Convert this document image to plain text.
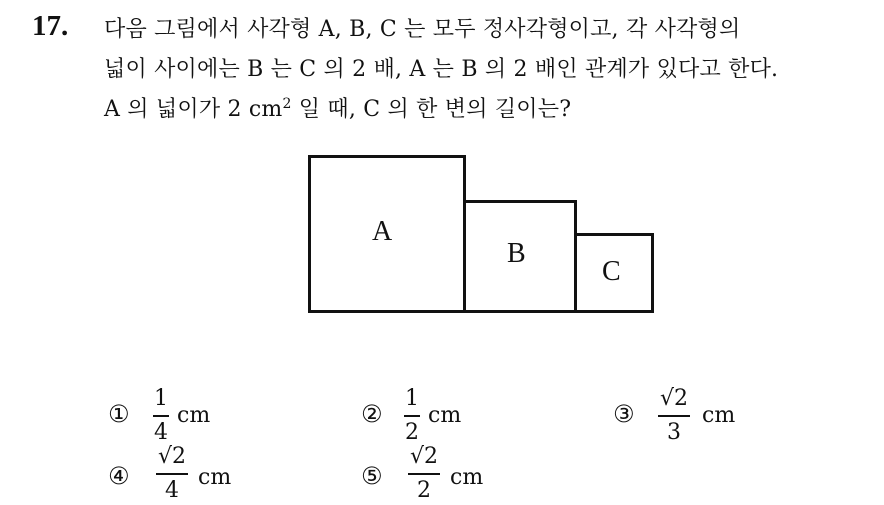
17. 다음 그림에서 사각형 A, B, C 는 모두 정사각형이고, 각 사각형의
넓이 사이에는 B 는 C 의 2 배, A 는 B 의 2 배인 관계가 있다고 한다.
A 의 넓이가 2 $cm^2$ 일 때, C 의 한 변의 길이는?
A
B
C
①
1
4
cm	②
1
2
cm	③
√2
3
cm
④
√2
4
cm	⑤
√2
2
cm
